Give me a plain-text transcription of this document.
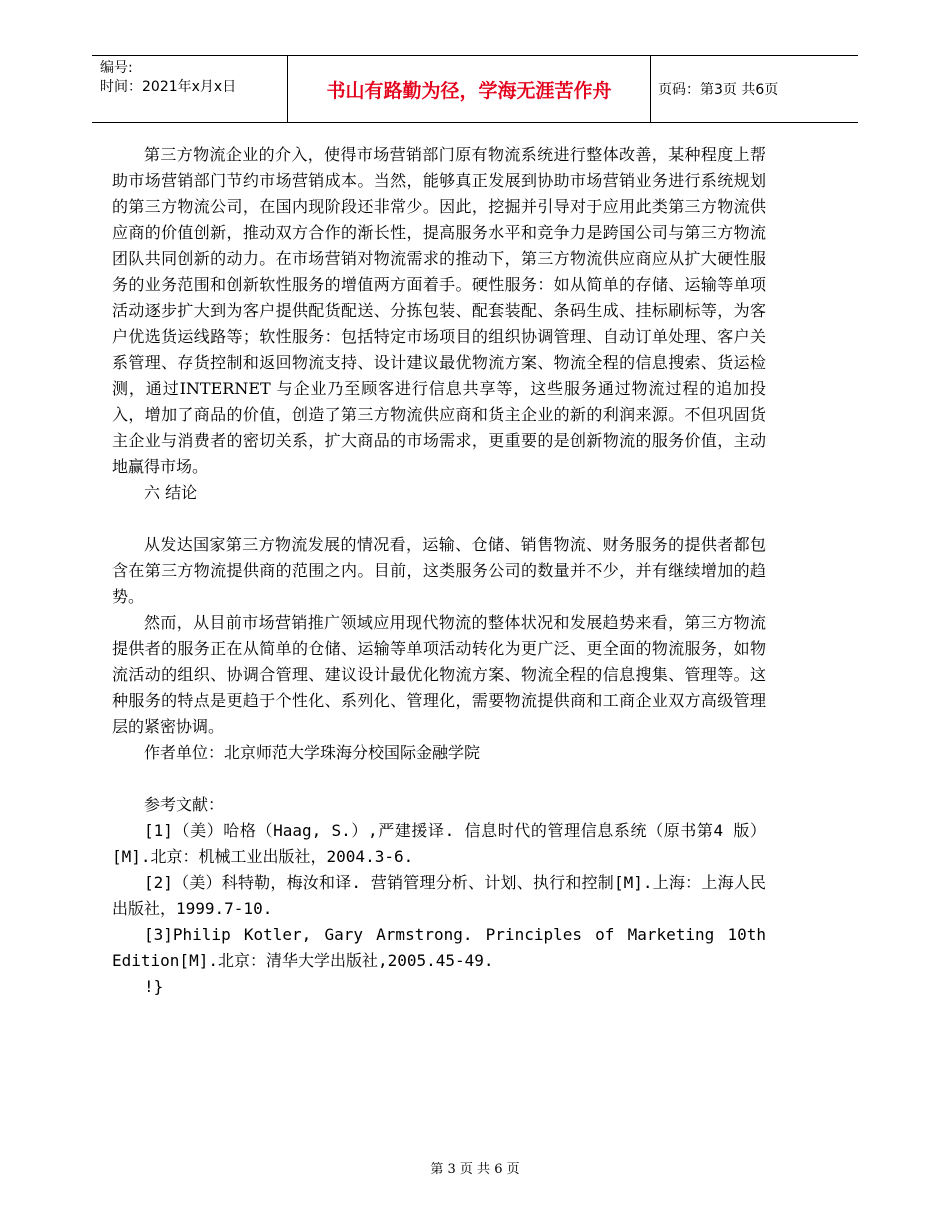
编号:
时间：2021年x月x日	书山有路勤为径，学海无涯苦作舟	页码：第3页 共6页

第三方物流企业的介入，使得市场营销部门原有物流系统进行整体改善，某种程度上帮助市场营销部门节约市场营销成本。当然，能够真正发展到协助市场营销业务进行系统规划的第三方物流公司，在国内现阶段还非常少。因此，挖掘并引导对于应用此类第三方物流供应商的价值创新，推动双方合作的渐长性，提高服务水平和竞争力是跨国公司与第三方物流团队共同创新的动力。在市场营销对物流需求的推动下，第三方物流供应商应从扩大硬性服务的业务范围和创新软性服务的增值两方面着手。硬性服务：如从简单的存储、运输等单项活动逐步扩大到为客户提供配货配送、分拣包装、配套装配、条码生成、挂标刷标等，为客户优选货运线路等；软性服务：包括特定市场项目的组织协调管理、自动订单处理、客户关系管理、存货控制和返回物流支持、设计建议最优物流方案、物流全程的信息搜索、货运检测，通过INTERNET 与企业乃至顾客进行信息共享等，这些服务通过物流过程的追加投入，增加了商品的价值，创造了第三方物流供应商和货主企业的新的利润来源。不但巩固货主企业与消费者的密切关系，扩大商品的市场需求，更重要的是创新物流的服务价值，主动地赢得市场。

六 结论

从发达国家第三方物流发展的情况看，运输、仓储、销售物流、财务服务的提供者都包含在第三方物流提供商的范围之内。目前，这类服务公司的数量并不少，并有继续增加的趋势。

然而，从目前市场营销推广领域应用现代物流的整体状况和发展趋势来看，第三方物流提供者的服务正在从简单的仓储、运输等单项活动转化为更广泛、更全面的物流服务，如物流活动的组织、协调合管理、建议设计最优化物流方案、物流全程的信息搜集、管理等。这种服务的特点是更趋于个性化、系列化、管理化，需要物流提供商和工商企业双方高级管理层的紧密协调。

作者单位：北京师范大学珠海分校国际金融学院

参考文献：

[1]（美）哈格（Haag, S.）,严建援译. 信息时代的管理信息系统（原书第4 版）[M].北京：机械工业出版社，2004.3-6.

[2]（美）科特勒，梅汝和译. 营销管理分析、计划、执行和控制[M].上海：上海人民出版社，1999.7-10.

[3]Philip Kotler, Gary Armstrong. Principles of Marketing 10th Edition[M].北京：清华大学出版社,2005.45-49.

!}

第 3 页 共 6 页
